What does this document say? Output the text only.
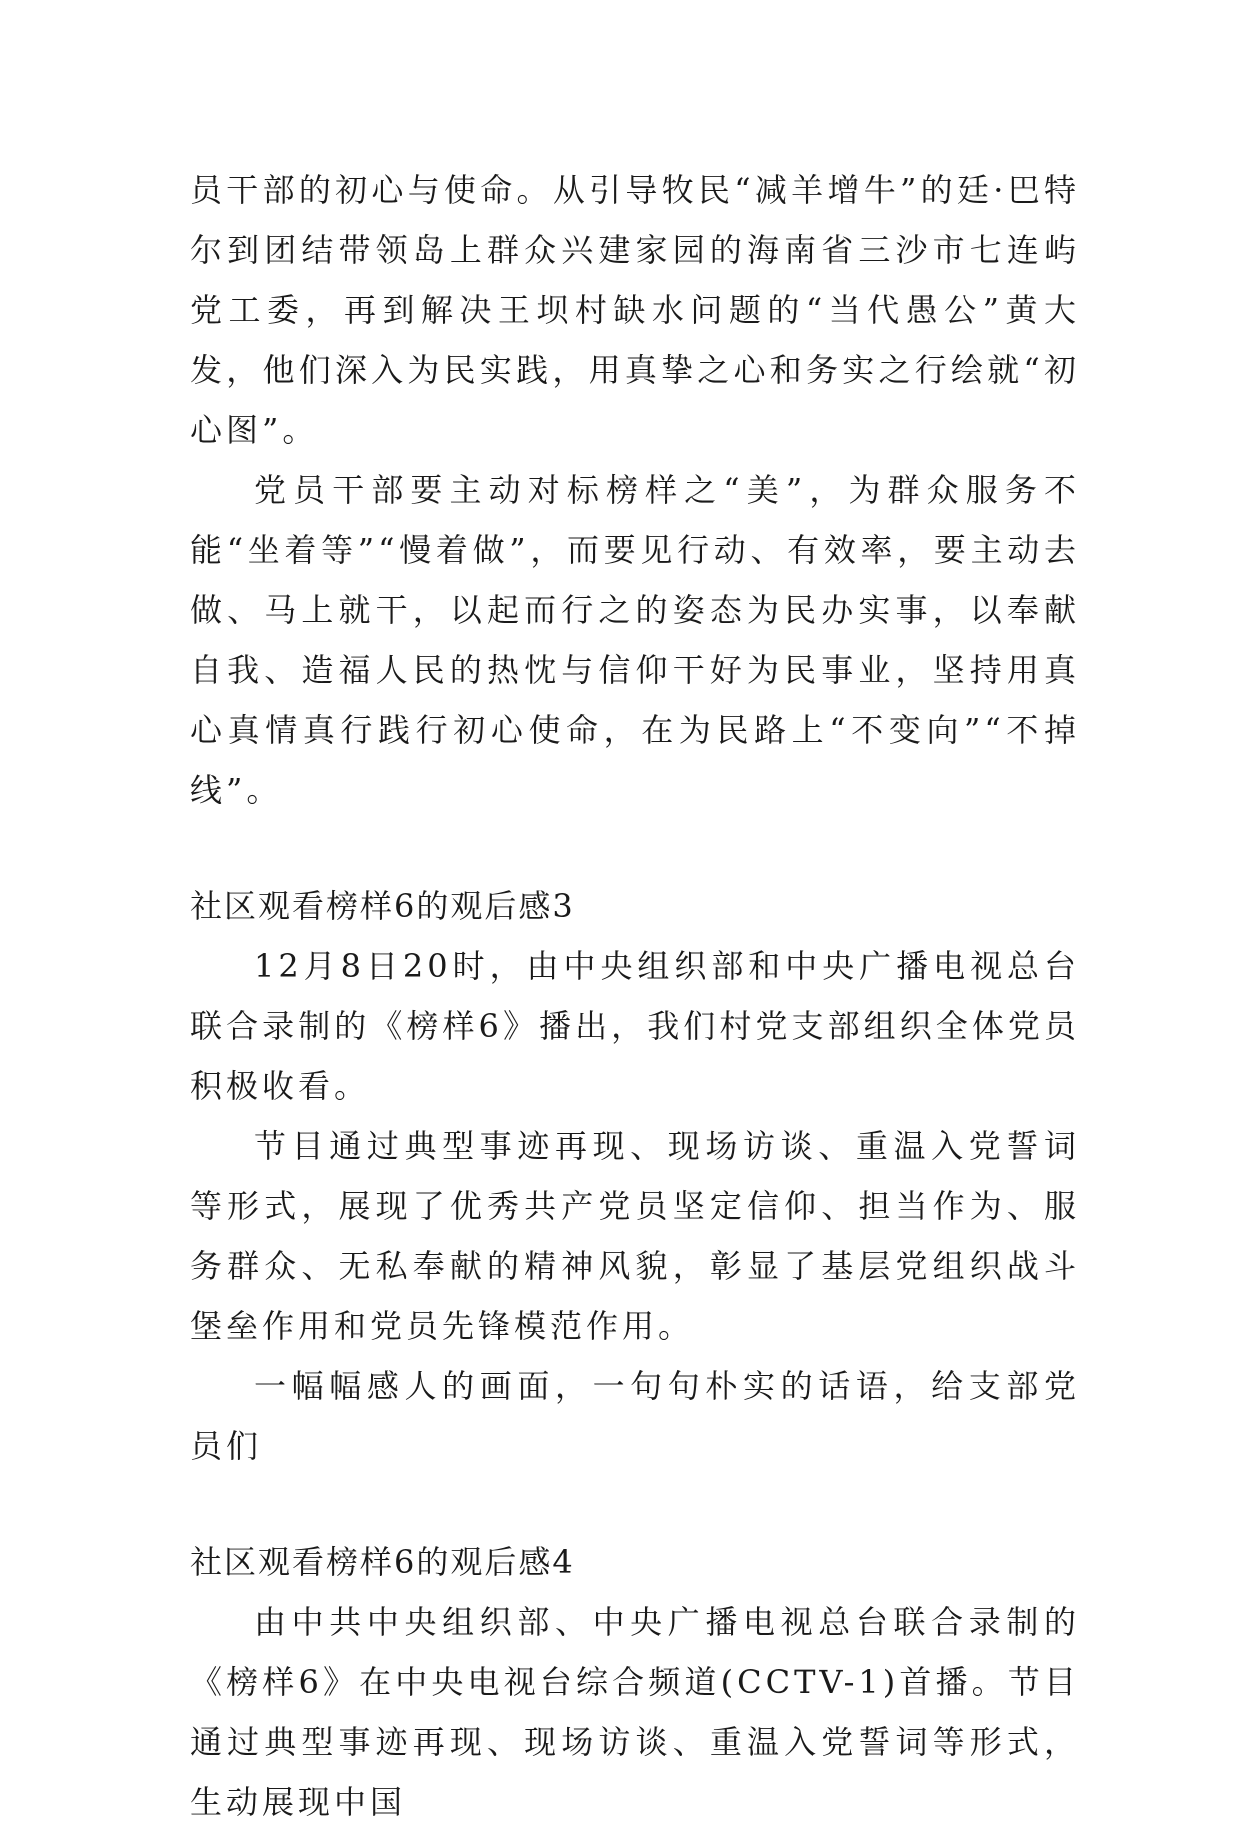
员干部的初心与使命。从引导牧民“减羊增牛”的廷·巴特尔到团结带领岛上群众兴建家园的海南省三沙市七连屿党工委，再到解决王坝村缺水问题的“当代愚公”黄大发，他们深入为民实践，用真挚之心和务实之行绘就“初心图”。

党员干部要主动对标榜样之“美”，为群众服务不能“坐着等”“慢着做”，而要见行动、有效率，要主动去做、马上就干，以起而行之的姿态为民办实事，以奉献自我、造福人民的热忱与信仰干好为民事业，坚持用真心真情真行践行初心使命，在为民路上“不变向”“不掉线”。

社区观看榜样6的观后感3

12月8日20时，由中央组织部和中央广播电视总台联合录制的《榜样6》播出，我们村党支部组织全体党员积极收看。

节目通过典型事迹再现、现场访谈、重温入党誓词等形式，展现了优秀共产党员坚定信仰、担当作为、服务群众、无私奉献的精神风貌，彰显了基层党组织战斗堡垒作用和党员先锋模范作用。

一幅幅感人的画面，一句句朴实的话语，给支部党员们

社区观看榜样6的观后感4

由中共中央组织部、中央广播电视总台联合录制的《榜样6》在中央电视台综合频道(CCTV-1)首播。节目通过典型事迹再现、现场访谈、重温入党誓词等形式，生动展现中国
